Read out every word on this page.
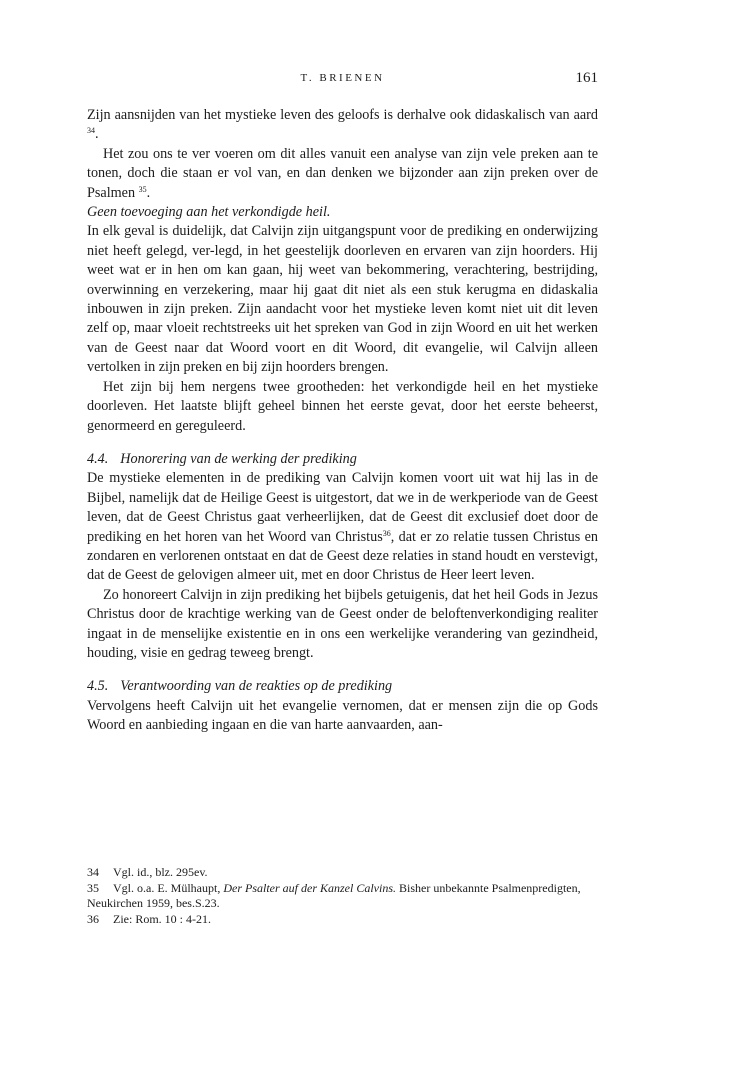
T. BRIENEN	161

Zijn aansnijden van het mystieke leven des geloofs is derhalve ook didaskalisch van aard $^{34}$.

Het zou ons te ver voeren om dit alles vanuit een analyse van zijn vele preken aan te tonen, doch die staan er vol van, en dan denken we bijzonder aan zijn preken over de Psalmen $^{35}$.

Geen toevoeging aan het verkondigde heil.

In elk geval is duidelijk, dat Calvijn zijn uitgangspunt voor de prediking en onderwijzing niet heeft gelegd, ver-legd, in het geestelijk doorleven en ervaren van zijn hoorders. Hij weet wat er in hen om kan gaan, hij weet van bekommering, verachtering, bestrijding, overwinning en verzekering, maar hij gaat dit niet als een stuk kerugma en didaskalia inbouwen in zijn preken. Zijn aandacht voor het mystieke leven komt niet uit dit leven zelf op, maar vloeit rechtstreeks uit het spreken van God in zijn Woord en uit het werken van de Geest naar dat Woord voort en dit Woord, dit evangelie, wil Calvijn alleen vertolken in zijn preken en bij zijn hoorders brengen.

Het zijn bij hem nergens twee grootheden: het verkondigde heil en het mystieke doorleven. Het laatste blijft geheel binnen het eerste gevat, door het eerste beheerst, genormeerd en gereguleerd.

4.4. Honorering van de werking der prediking

De mystieke elementen in de prediking van Calvijn komen voort uit wat hij las in de Bijbel, namelijk dat de Heilige Geest is uitgestort, dat we in de werkperiode van de Geest leven, dat de Geest Christus gaat verheerlijken, dat de Geest dit exclusief doet door de prediking en het horen van het Woord van Christus$^{36}$, dat er zo relatie tussen Christus en zondaren en verlorenen ontstaat en dat de Geest deze relaties in stand houdt en verstevigt, dat de Geest de gelovigen almeer uit, met en door Christus de Heer leert leven.

Zo honoreert Calvijn in zijn prediking het bijbels getuigenis, dat het heil Gods in Jezus Christus door de krachtige werking van de Geest onder de beloftenverkondiging realiter ingaat in de menselijke existentie en in ons een werkelijke verandering van gezindheid, houding, visie en gedrag teweeg brengt.

4.5. Verantwoording van de reakties op de prediking

Vervolgens heeft Calvijn uit het evangelie vernomen, dat er mensen zijn die op Gods Woord en aanbieding ingaan en die van harte aanvaarden, aan-

34 Vgl. id., blz. 295ev.
35 Vgl. o.a. E. Mülhaupt, Der Psalter auf der Kanzel Calvins. Bisher unbekannte Psalmenpredigten, Neukirchen 1959, bes.S.23.
36 Zie: Rom. 10 : 4-21.
